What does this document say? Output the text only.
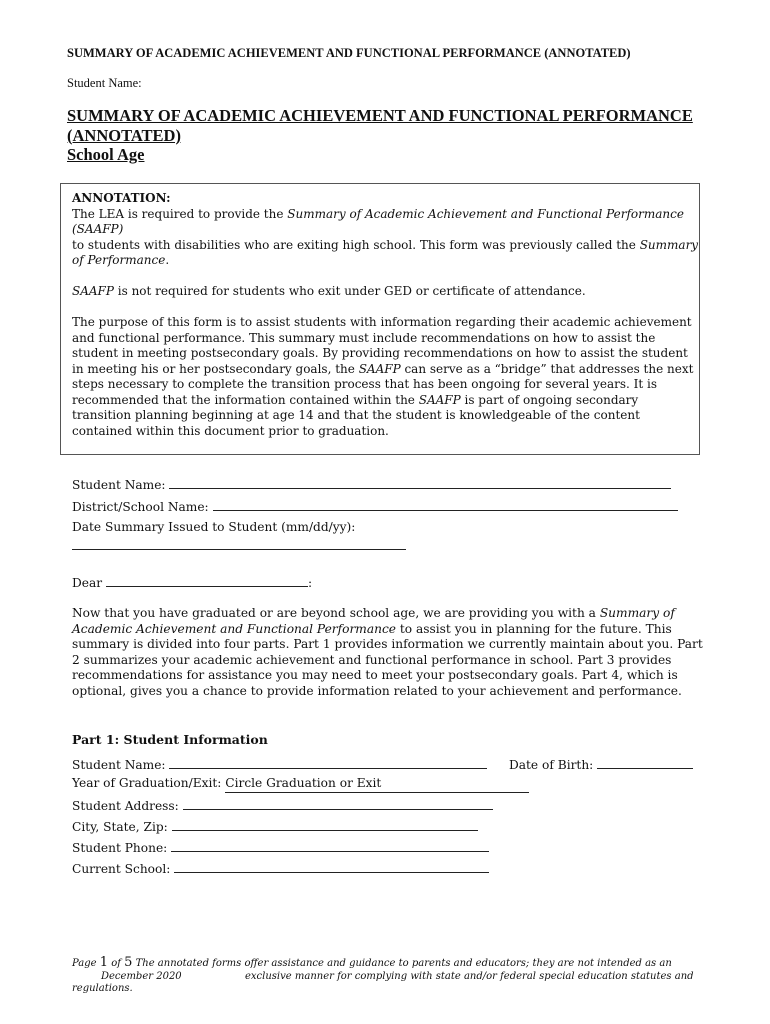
SUMMARY OF ACADEMIC ACHIEVEMENT AND FUNCTIONAL PERFORMANCE (ANNOTATED)
Student Name:
SUMMARY OF ACADEMIC ACHIEVEMENT AND FUNCTIONAL PERFORMANCE
(ANNOTATED)
School Age

ANNOTATION:

The LEA is required to provide the Summary of Academic Achievement and Functional Performance (SAAFP)
to students with disabilities who are exiting high school. This form was previously called the Summary of Performance.

SAAFP is not required for students who exit under GED or certificate of attendance.

The purpose of this form is to assist students with information regarding their academic achievement and functional performance. This summary must include recommendations on how to assist the student in meeting postsecondary goals. By providing recommendations on how to assist the student in meeting his or her postsecondary goals, the SAAFP can serve as a “bridge” that addresses the next steps necessary to complete the transition process that has been ongoing for several years. It is recommended that the information contained within the SAAFP is part of ongoing secondary transition planning beginning at age 14 and that the student is knowledgeable of the content contained within this document prior to graduation.

Student Name:
District/School Name:
Date Summary Issued to Student (mm/dd/yy):
Dear	:
Now that you have graduated or are beyond school age, we are providing you with a Summary of Academic Achievement and Functional Performance to assist you in planning for the future. This summary is divided into four parts. Part 1 provides information we currently maintain about you. Part 2 summarizes your academic achievement and functional performance in school. Part 3 provides recommendations for assistance you may need to meet your postsecondary goals. Part 4, which is optional, gives you a chance to provide information related to your achievement and performance.
Part 1: Student Information
Student Name:	Date of Birth:
Year of Graduation/Exit: Circle Graduation or Exit
Student Address:
City, State, Zip:
Student Phone:
Current School:
Page 1 of 5 The annotated forms offer assistance and guidance to parents and educators; they are not intended as an
December 2020	exclusive manner for complying with state and/or federal special education statutes and
regulations.
